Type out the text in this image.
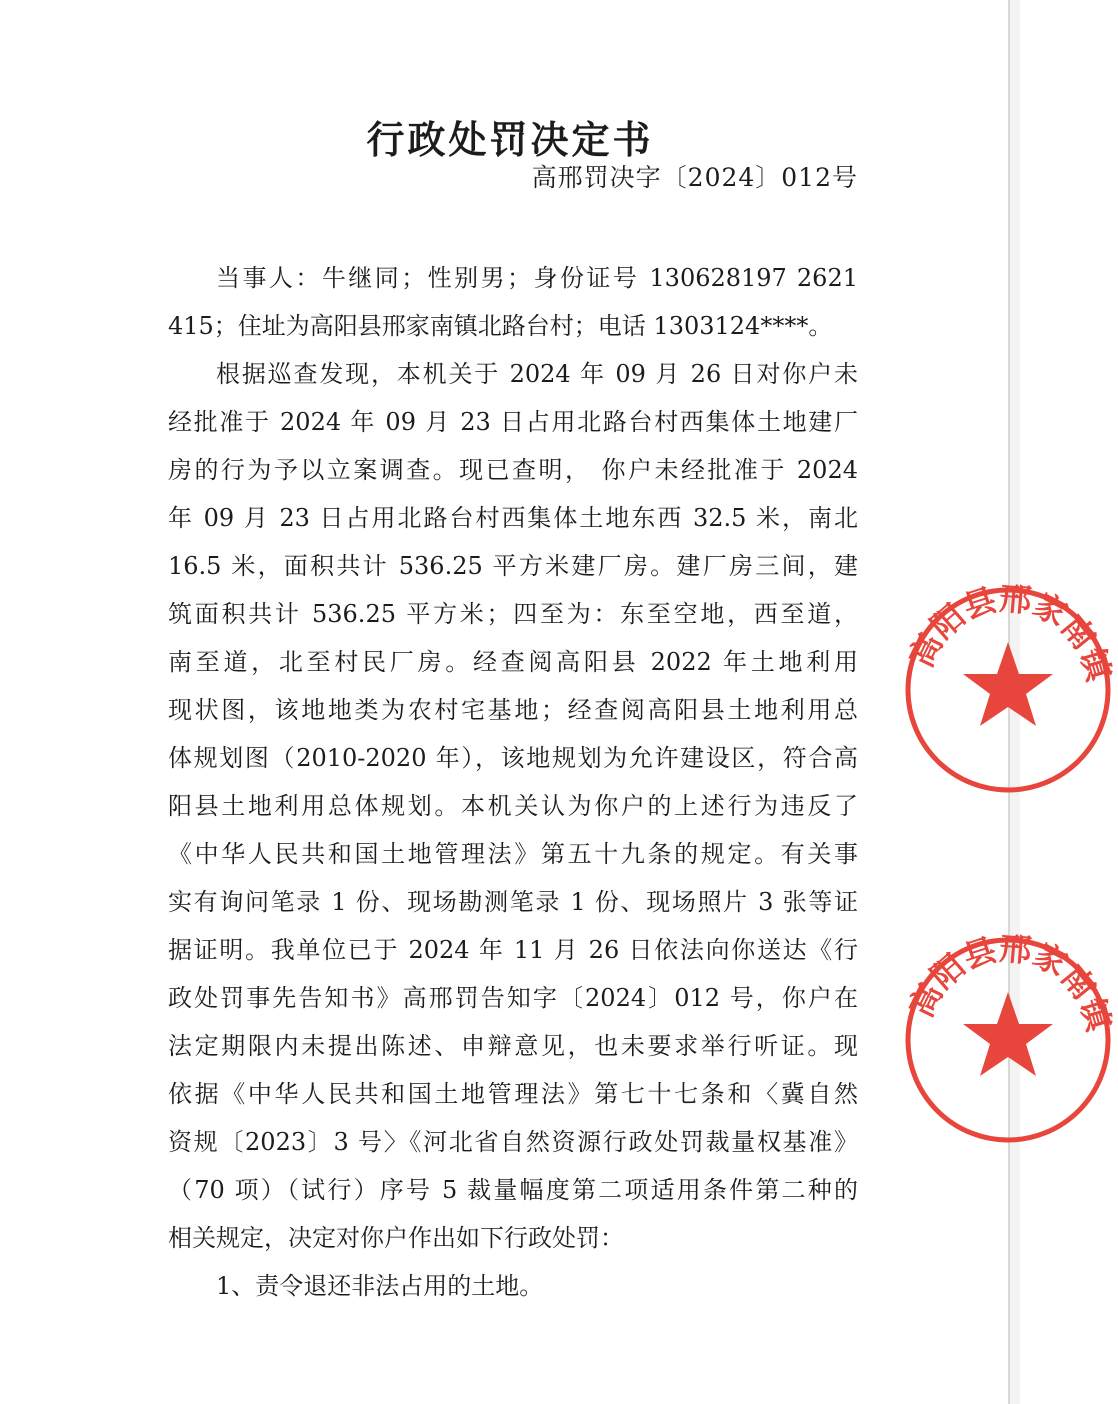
行政处罚决定书
高邢罚决字〔2024〕012号
当事人：牛继同；性别男；身份证号 130628197 2621
415；住址为高阳县邢家南镇北路台村；电话 1303124****。
根据巡查发现，本机关于 2024 年 09 月 26 日对你户未
经批准于 2024 年 09 月 23 日占用北路台村西集体土地建厂
房的行为予以立案调查。现已查明， 你户未经批准于 2024
年 09 月 23 日占用北路台村西集体土地东西 32.5 米，南北
16.5 米，面积共计 536.25 平方米建厂房。建厂房三间，建
筑面积共计 536.25 平方米；四至为：东至空地，西至道，
南至道，北至村民厂房。经查阅高阳县 2022 年土地利用
现状图，该地地类为农村宅基地；经查阅高阳县土地利用总
体规划图（2010-2020 年），该地规划为允许建设区，符合高
阳县土地利用总体规划。本机关认为你户的上述行为违反了
《中华人民共和国土地管理法》第五十九条的规定。有关事
实有询问笔录 1 份、现场勘测笔录 1 份、现场照片 3 张等证
据证明。我单位已于 2024 年 11 月 26 日依法向你送达《行
政处罚事先告知书》高邢罚告知字〔2024〕012 号，你户在
法定期限内未提出陈述、申辩意见，也未要求举行听证。现
依据《中华人民共和国土地管理法》第七十七条和〈冀自然
资规〔2023〕3 号〉《河北省自然资源行政处罚裁量权基准》
（70 项）（试行）序号 5 裁量幅度第二项适用条件第二种的
相关规定，决定对你户作出如下行政处罚：
1、责令退还非法占用的土地。
高阳县邢家南镇
高阳县邢家南镇
